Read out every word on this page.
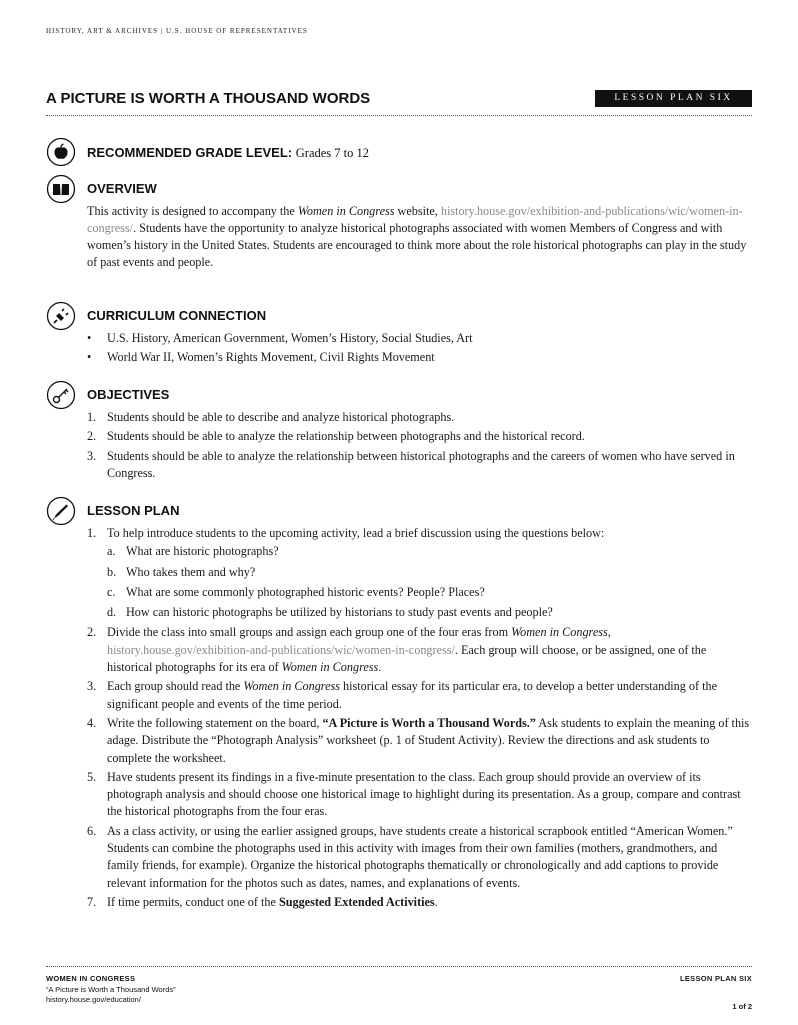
HISTORY, ART & ARCHIVES | U.S. HOUSE OF REPRESENTATIVES
A PICTURE IS WORTH A THOUSAND WORDS	LESSON PLAN SIX
RECOMMENDED GRADE LEVEL: Grades 7 to 12
OVERVIEW
This activity is designed to accompany the Women in Congress website, history.house.gov/exhibition-and-publications/wic/women-in-congress/. Students have the opportunity to analyze historical photographs associated with women Members of Congress and with women’s history in the United States. Students are encouraged to think more about the role historical photographs can play in the study of past events and people.
CURRICULUM CONNECTION
•	U.S. History, American Government, Women’s History, Social Studies, Art
•	World War II, Women’s Rights Movement, Civil Rights Movement
OBJECTIVES
1. Students should be able to describe and analyze historical photographs.
2. Students should be able to analyze the relationship between photographs and the historical record.
3. Students should be able to analyze the relationship between historical photographs and the careers of women who have served in Congress.
LESSON PLAN
1. To help introduce students to the upcoming activity, lead a brief discussion using the questions below:
a. What are historic photographs?
b. Who takes them and why?
c. What are some commonly photographed historic events? People? Places?
d. How can historic photographs be utilized by historians to study past events and people?
2. Divide the class into small groups and assign each group one of the four eras from Women in Congress, history.house.gov/exhibition-and-publications/wic/women-in-congress/. Each group will choose, or be assigned, one of the historical photographs for its era of Women in Congress.
3. Each group should read the Women in Congress historical essay for its particular era, to develop a better understanding of the significant people and events of the time period.
4. Write the following statement on the board, “A Picture is Worth a Thousand Words.” Ask students to explain the meaning of this adage. Distribute the “Photograph Analysis” worksheet (p. 1 of Student Activity). Review the directions and ask students to complete the worksheet.
5. Have students present its findings in a five-minute presentation to the class. Each group should provide an overview of its photograph analysis and should choose one historical image to highlight during its presentation. As a group, compare and contrast the historical photographs from the four eras.
6. As a class activity, or using the earlier assigned groups, have students create a historical scrapbook entitled “American Women.” Students can combine the photographs used in this activity with images from their own families (mothers, grandmothers, and family friends, for example). Organize the historical photographs thematically or chronologically and add captions to provide relevant information for the photos such as dates, names, and explanations of events.
7. If time permits, conduct one of the Suggested Extended Activities.
WOMEN IN CONGRESS
“A Picture is Worth a Thousand Words”
history.house.gov/education/
LESSON PLAN SIX
1 of 2
